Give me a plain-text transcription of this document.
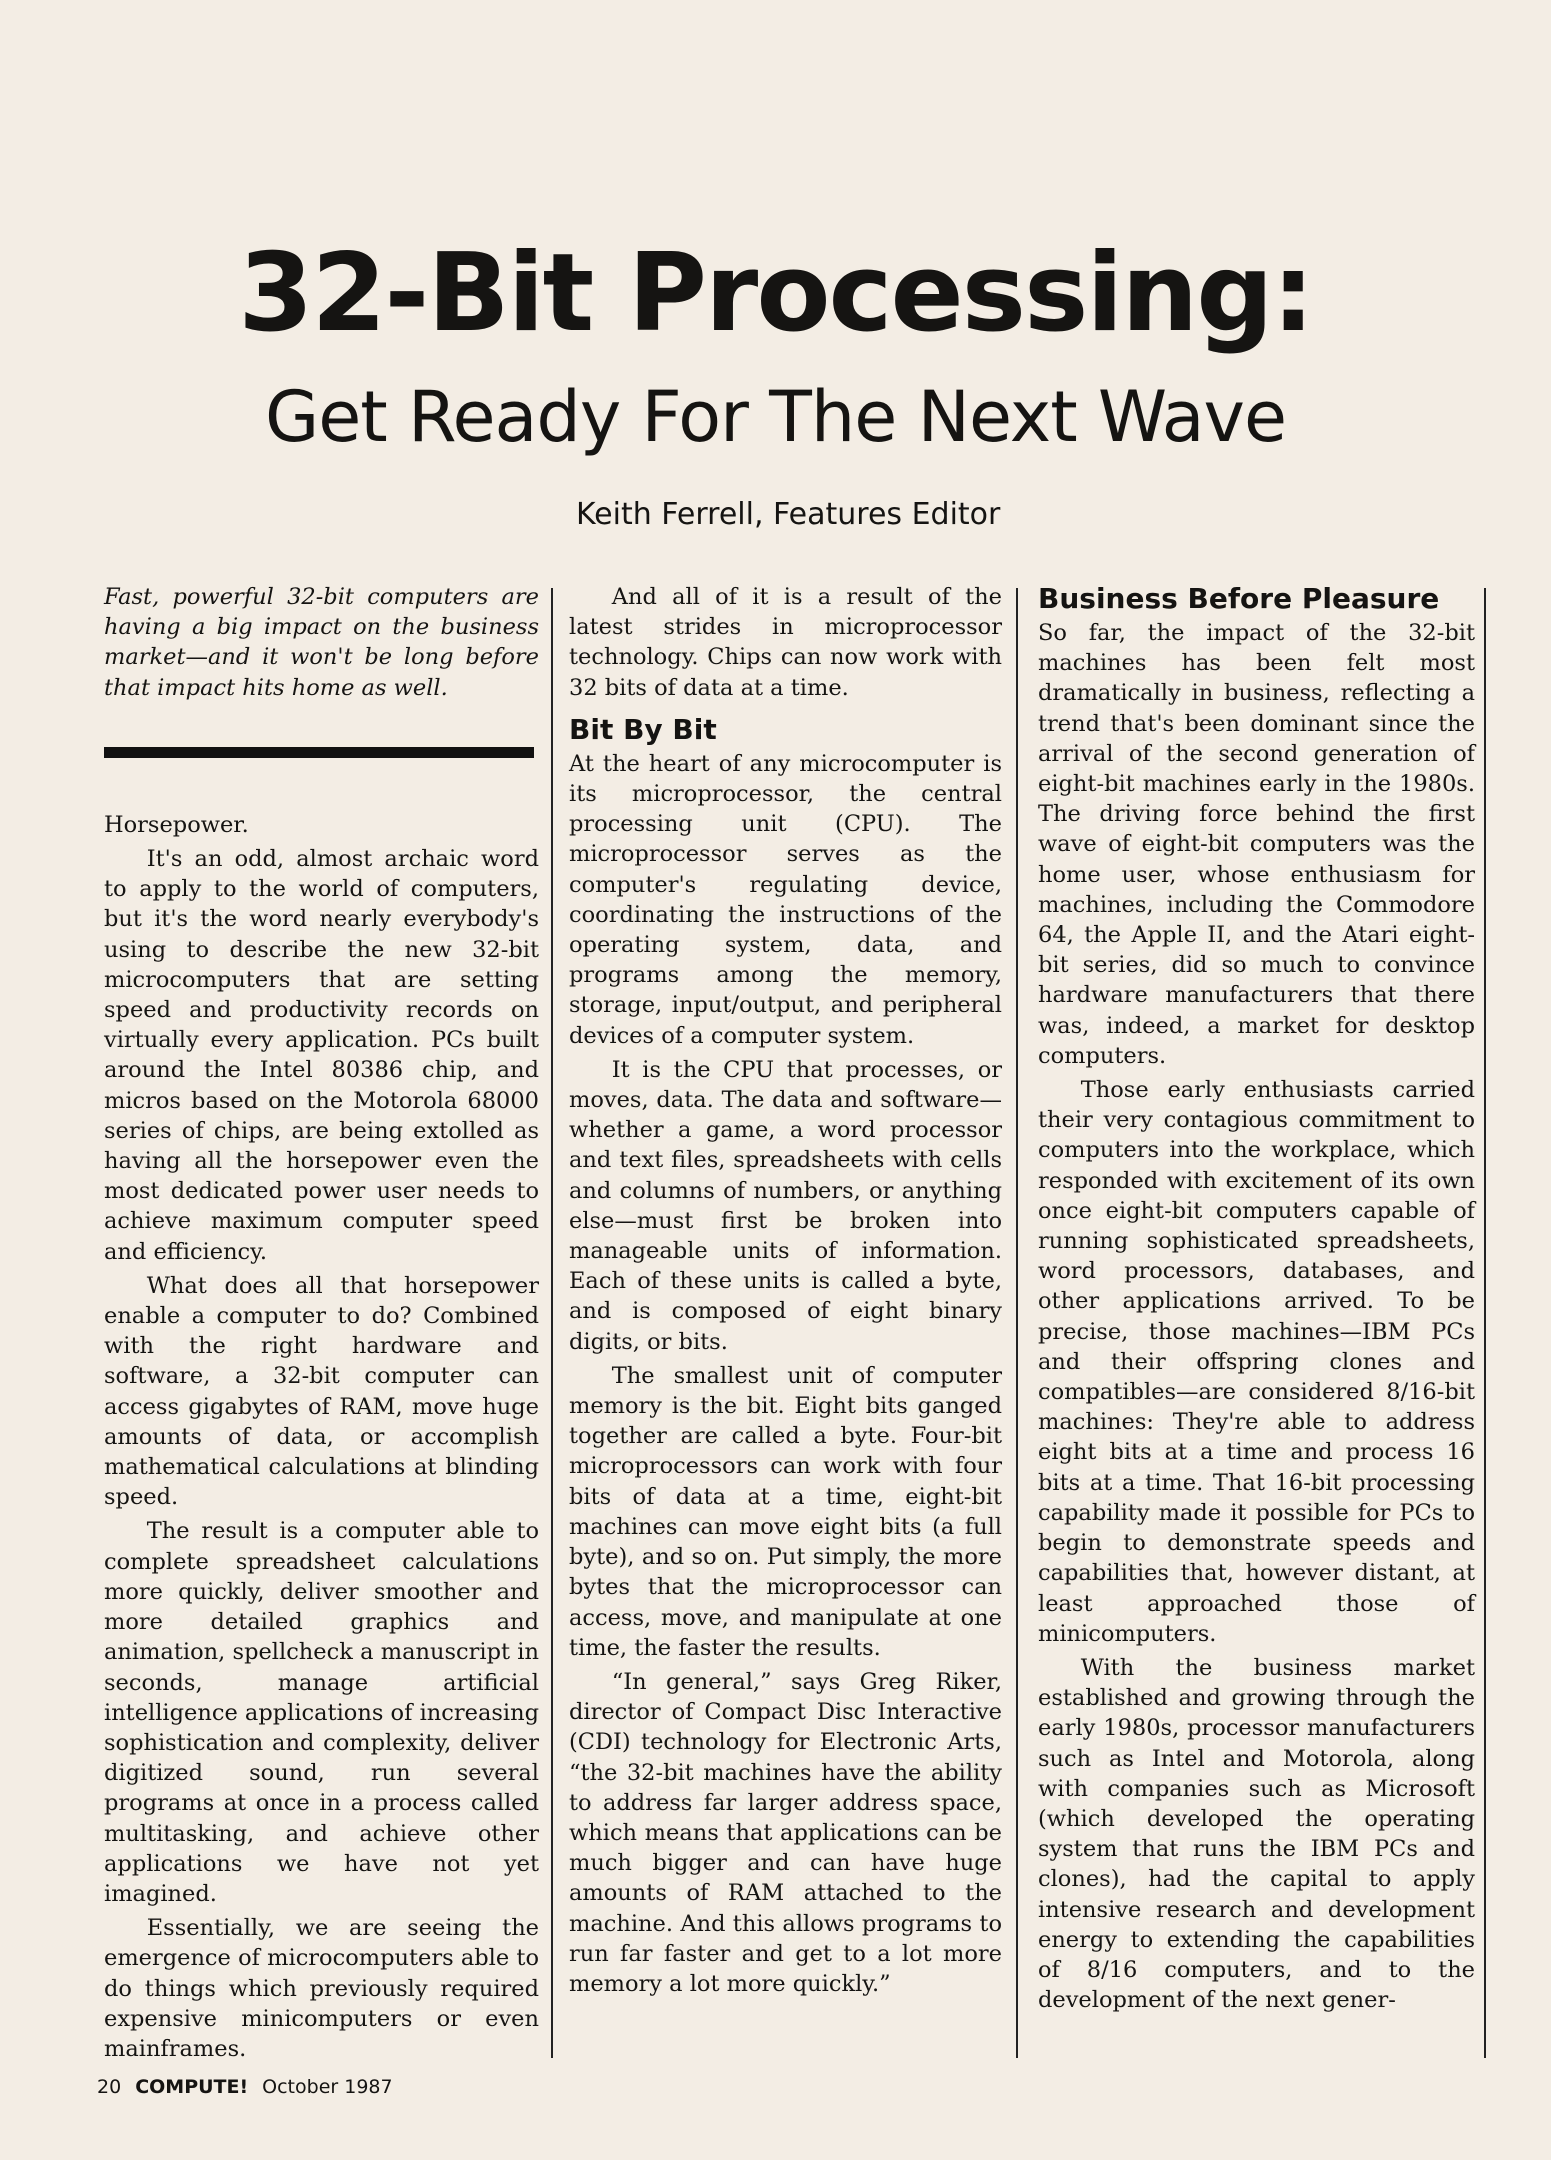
32-Bit Processing:
Get Ready For The Next Wave
Keith Ferrell, Features Editor

Fast, powerful 32-bit computers are having a big impact on the business market—and it won't be long before that impact hits home as well.

Horsepower.

It's an odd, almost archaic word to apply to the world of computers, but it's the word nearly everybody's using to describe the new 32-bit microcomputers that are setting speed and productivity records on virtually every application. PCs built around the Intel 80386 chip, and micros based on the Motorola 68000 series of chips, are being extolled as having all the horsepower even the most dedicated power user needs to achieve maximum computer speed and efficiency.

What does all that horsepower enable a computer to do? Combined with the right hardware and software, a 32-bit computer can access gigabytes of RAM, move huge amounts of data, or accomplish mathematical calculations at blinding speed.

The result is a computer able to complete spreadsheet calculations more quickly, deliver smoother and more detailed graphics and animation, spellcheck a manuscript in seconds, manage artificial intelligence applications of increasing sophistication and complexity, deliver digitized sound, run several programs at once in a process called multitasking, and achieve other applications we have not yet imagined.

Essentially, we are seeing the emergence of microcomputers able to do things which previously required expensive minicomputers or even mainframes.

And all of it is a result of the latest strides in microprocessor technology. Chips can now work with 32 bits of data at a time.

Bit By Bit

At the heart of any microcomputer is its microprocessor, the central processing unit (CPU). The microprocessor serves as the computer's regulating device, coordinating the instructions of the operating system, data, and programs among the memory, storage, input/output, and peripheral devices of a computer system.

It is the CPU that processes, or moves, data. The data and software—whether a game, a word processor and text files, spreadsheets with cells and columns of numbers, or anything else—must first be broken into manageable units of information. Each of these units is called a byte, and is composed of eight binary digits, or bits.

The smallest unit of computer memory is the bit. Eight bits ganged together are called a byte. Four-bit microprocessors can work with four bits of data at a time, eight-bit machines can move eight bits (a full byte), and so on. Put simply, the more bytes that the microprocessor can access, move, and manipulate at one time, the faster the results.

“In general,” says Greg Riker, director of Compact Disc Interactive (CDI) technology for Electronic Arts, “the 32-bit machines have the ability to address far larger address space, which means that applications can be much bigger and can have huge amounts of RAM attached to the machine. And this allows programs to run far faster and get to a lot more memory a lot more quickly.”

Business Before Pleasure

So far, the impact of the 32-bit machines has been felt most dramatically in business, reflecting a trend that's been dominant since the arrival of the second generation of eight-bit machines early in the 1980s. The driving force behind the first wave of eight-bit computers was the home user, whose enthusiasm for machines, including the Commodore 64, the Apple II, and the Atari eight-bit series, did so much to convince hardware manufacturers that there was, indeed, a market for desktop computers.

Those early enthusiasts carried their very contagious commitment to computers into the workplace, which responded with excitement of its own once eight-bit computers capable of running sophisticated spreadsheets, word processors, databases, and other applications arrived. To be precise, those machines—IBM PCs and their offspring clones and compatibles—are considered 8/16-bit machines: They're able to address eight bits at a time and process 16 bits at a time. That 16-bit processing capability made it possible for PCs to begin to demonstrate speeds and capabilities that, however distant, at least approached those of minicomputers.

With the business market established and growing through the early 1980s, processor manufacturers such as Intel and Motorola, along with companies such as Microsoft (which developed the operating system that runs the IBM PCs and clones), had the capital to apply intensive research and development energy to extending the capabilities of 8/16 computers, and to the development of the next gener-

20 COMPUTE! October 1987
